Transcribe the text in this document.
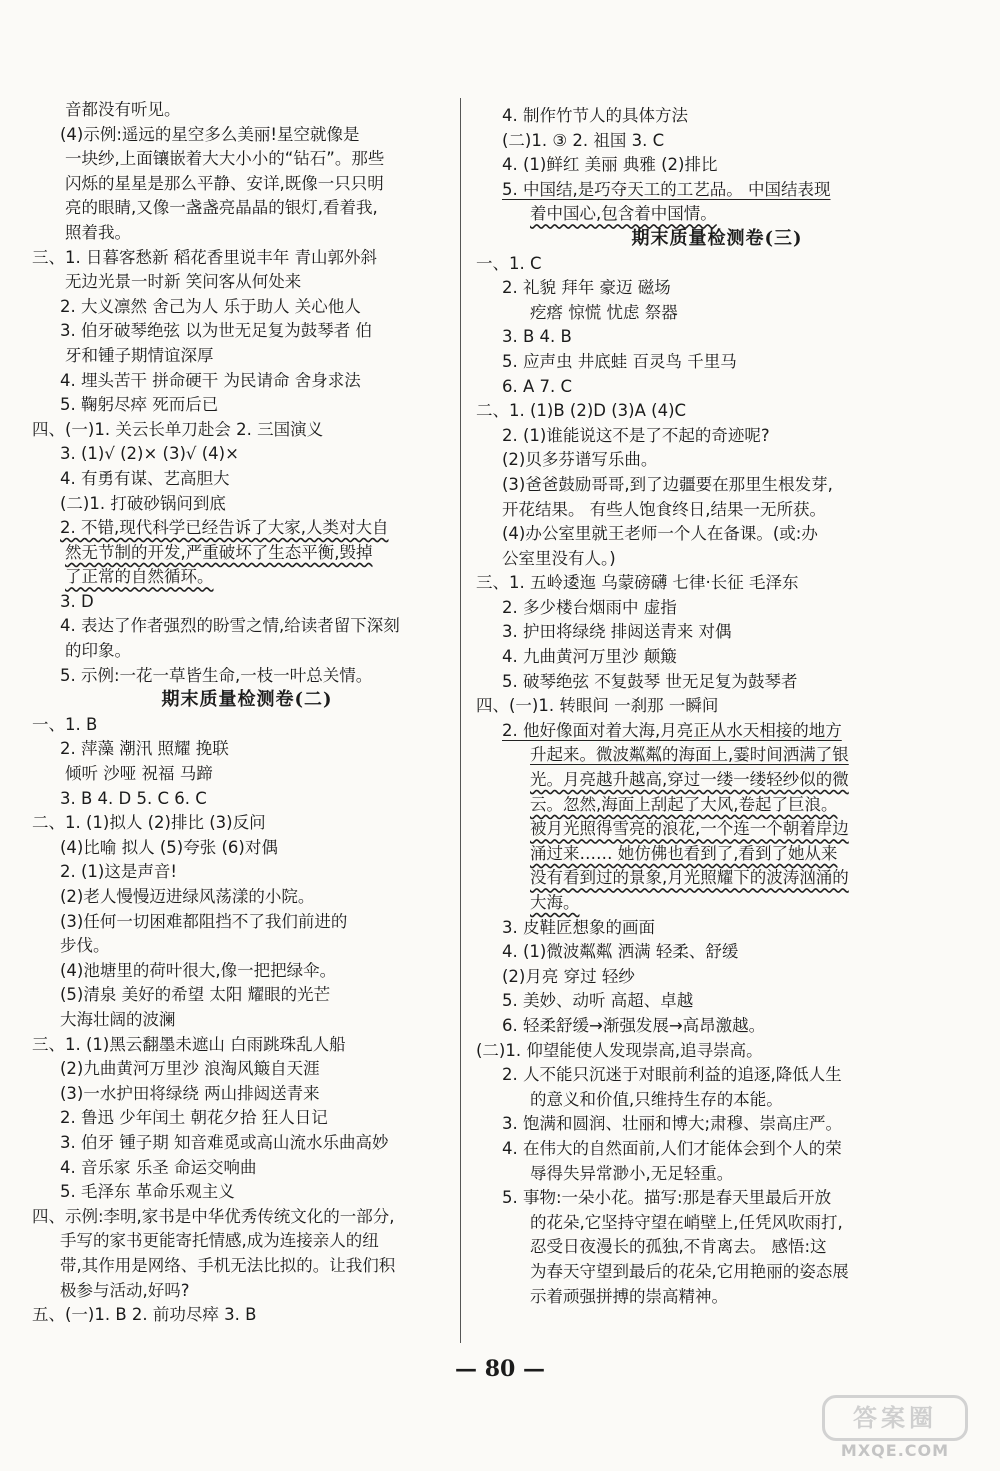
音都没有听见。
(4)示例:遥远的星空多么美丽!星空就像是
一块纱,上面镶嵌着大大小小的“钻石”。那些
闪烁的星星是那么平静、安详,既像一只只明
亮的眼睛,又像一盏盏亮晶晶的银灯,看着我,
照着我。
三、1. 日暮客愁新 稻花香里说丰年 青山郭外斜
无边光景一时新 笑问客从何处来
2. 大义凛然 舍己为人 乐于助人 关心他人
3. 伯牙破琴绝弦 以为世无足复为鼓琴者 伯
牙和锺子期情谊深厚
4. 埋头苦干 拼命硬干 为民请命 舍身求法
5. 鞠躬尽瘁 死而后已
四、(一)1. 关云长单刀赴会 2. 三国演义
3. (1)√ (2)× (3)√ (4)×
4. 有勇有谋、艺高胆大
(二)1. 打破砂锅问到底
2. 不错,现代科学已经告诉了大家,人类对大自
然无节制的开发,严重破坏了生态平衡,毁掉
了正常的自然循环。
3. D
4. 表达了作者强烈的盼雪之情,给读者留下深刻
的印象。
5. 示例:一花一草皆生命,一枝一叶总关情。
期末质量检测卷(二)
一、1. B
2. 萍藻 潮汛 照耀 挽联
倾听 沙哑 祝福 马蹄
3. B 4. D 5. C 6. C
二、1. (1)拟人 (2)排比 (3)反问
(4)比喻 拟人 (5)夸张 (6)对偶
2. (1)这是声音!
(2)老人慢慢迈进绿风荡漾的小院。
(3)任何一切困难都阻挡不了我们前进的
步伐。
(4)池塘里的荷叶很大,像一把把绿伞。
(5)清泉 美好的希望 太阳 耀眼的光芒
大海壮阔的波澜
三、1. (1)黑云翻墨未遮山 白雨跳珠乱人船
(2)九曲黄河万里沙 浪淘风簸自天涯
(3)一水护田将绿绕 两山排闼送青来
2. 鲁迅 少年闰土 朝花夕拾 狂人日记
3. 伯牙 锺子期 知音难觅或高山流水乐曲高妙
4. 音乐家 乐圣 命运交响曲
5. 毛泽东 革命乐观主义
四、示例:李明,家书是中华优秀传统文化的一部分,
手写的家书更能寄托情感,成为连接亲人的纽
带,其作用是网络、手机无法比拟的。让我们积
极参与活动,好吗?
五、(一)1. B 2. 前功尽瘁 3. B
4. 制作竹节人的具体方法
(二)1. ③ 2. 祖国 3. C
4. (1)鲜红 美丽 典雅 (2)排比
5. 中国结,是巧夺天工的工艺品。 中国结表现
着中国心,包含着中国情。
期末质量检测卷(三)
一、1. C
2. 礼貌 拜年 豪迈 磁场
疙瘩 惊慌 忧虑 祭器
3. B 4. B
5. 应声虫 井底蛙 百灵鸟 千里马
6. A 7. C
二、1. (1)B (2)D (3)A (4)C
2. (1)谁能说这不是了不起的奇迹呢?
(2)贝多芬谱写乐曲。
(3)爸爸鼓励哥哥,到了边疆要在那里生根发芽,
开花结果。 有些人饱食终日,结果一无所获。
(4)办公室里就王老师一个人在备课。(或:办
公室里没有人。)
三、1. 五岭逶迤 乌蒙磅礴 七律·长征 毛泽东
2. 多少楼台烟雨中 虚指
3. 护田将绿绕 排闼送青来 对偶
4. 九曲黄河万里沙 颠簸
5. 破琴绝弦 不复鼓琴 世无足复为鼓琴者
四、(一)1. 转眼间 一刹那 一瞬间
2. 他好像面对着大海,月亮正从水天相接的地方
升起来。微波粼粼的海面上,霎时间洒满了银
光。月亮越升越高,穿过一缕一缕轻纱似的微
云。忽然,海面上刮起了大风,卷起了巨浪。
被月光照得雪亮的浪花,一个连一个朝着岸边
涌过来…… 她仿佛也看到了,看到了她从来
没有看到过的景象,月光照耀下的波涛汹涌的
大海。
3. 皮鞋匠想象的画面
4. (1)微波粼粼 洒满 轻柔、舒缓
(2)月亮 穿过 轻纱
5. 美妙、动听 高超、卓越
6. 轻柔舒缓→渐强发展→高昂激越。
(二)1. 仰望能使人发现崇高,追寻崇高。
2. 人不能只沉迷于对眼前利益的追逐,降低人生
的意义和价值,只维持生存的本能。
3. 饱满和圆润、壮丽和博大;肃穆、崇高庄严。
4. 在伟大的自然面前,人们才能体会到个人的荣
辱得失异常渺小,无足轻重。
5. 事物:一朵小花。描写:那是春天里最后开放
的花朵,它坚持守望在峭壁上,任凭风吹雨打,
忍受日夜漫长的孤独,不肯离去。 感悟:这
为春天守望到最后的花朵,它用艳丽的姿态展
示着顽强拼搏的崇高精神。
— 80 —
答案圈
MXQE.COM
